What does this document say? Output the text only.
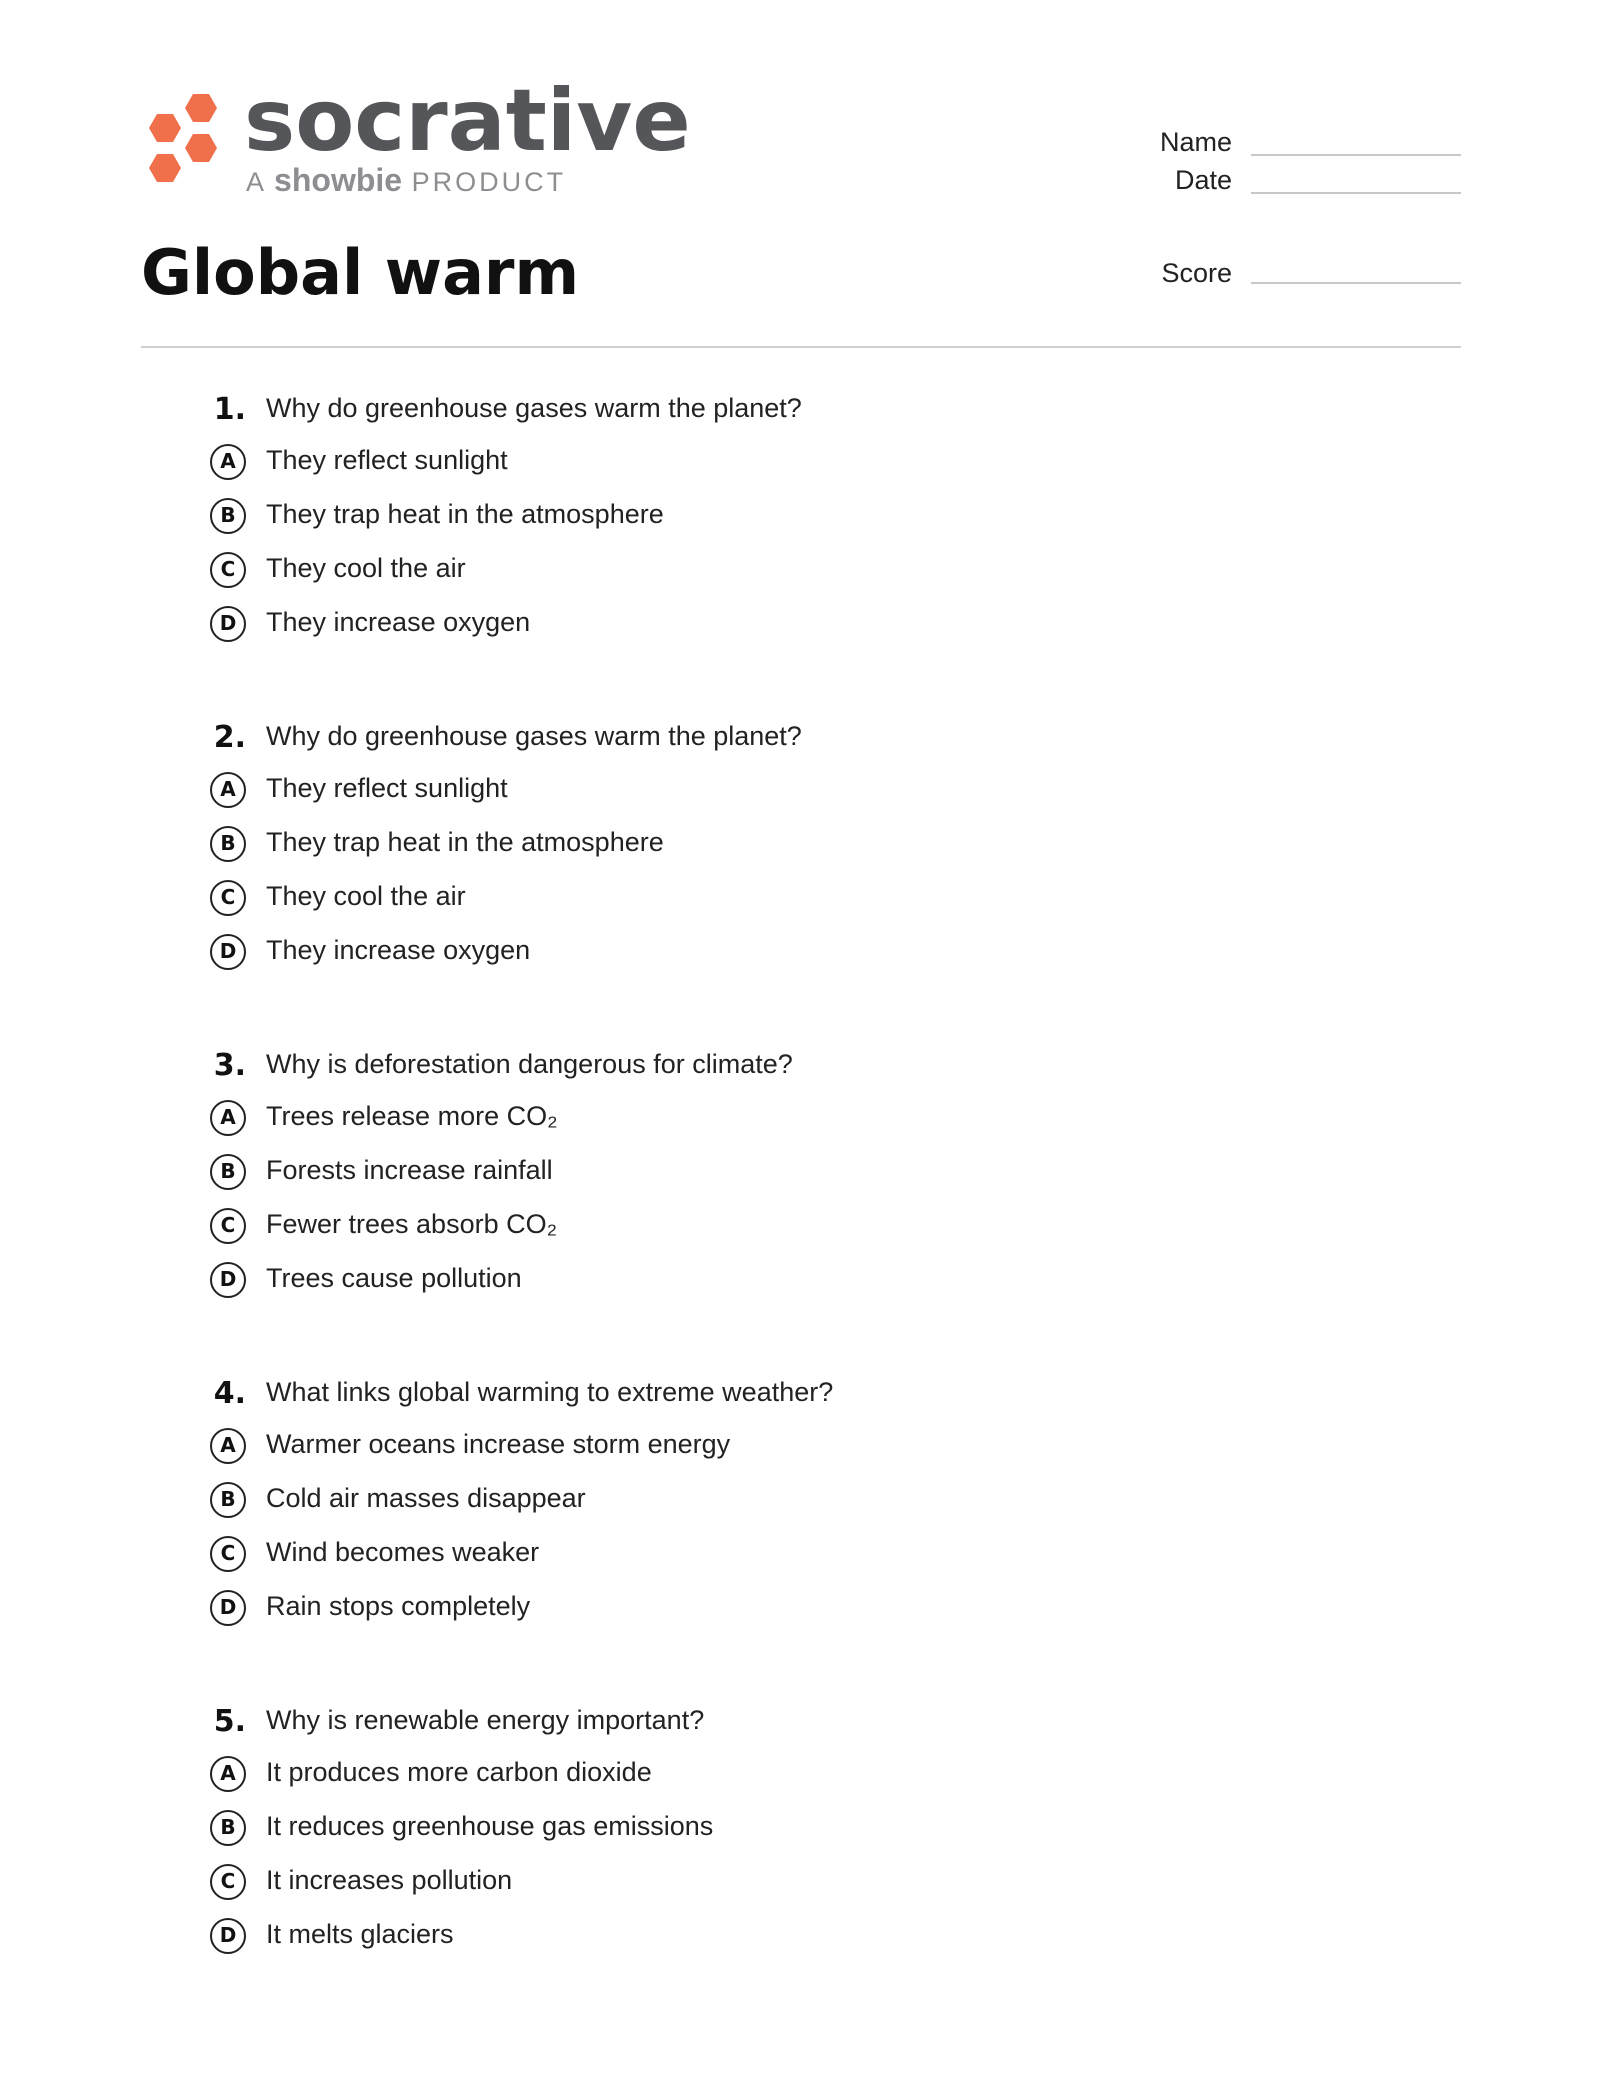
socrative
A showbie PRODUCT
Name
Date
Score
Global warm
1. Why do greenhouse gases warm the planet?
A	They reflect sunlight
B	They trap heat in the atmosphere
C	They cool the air
D	They increase oxygen
2. Why do greenhouse gases warm the planet?
A	They reflect sunlight
B	They trap heat in the atmosphere
C	They cool the air
D	They increase oxygen
3. Why is deforestation dangerous for climate?
A	Trees release more CO₂
B	Forests increase rainfall
C	Fewer trees absorb CO₂
D	Trees cause pollution
4. What links global warming to extreme weather?
A	Warmer oceans increase storm energy
B	Cold air masses disappear
C	Wind becomes weaker
D	Rain stops completely
5. Why is renewable energy important?
A	It produces more carbon dioxide
B	It reduces greenhouse gas emissions
C	It increases pollution
D	It melts glaciers
